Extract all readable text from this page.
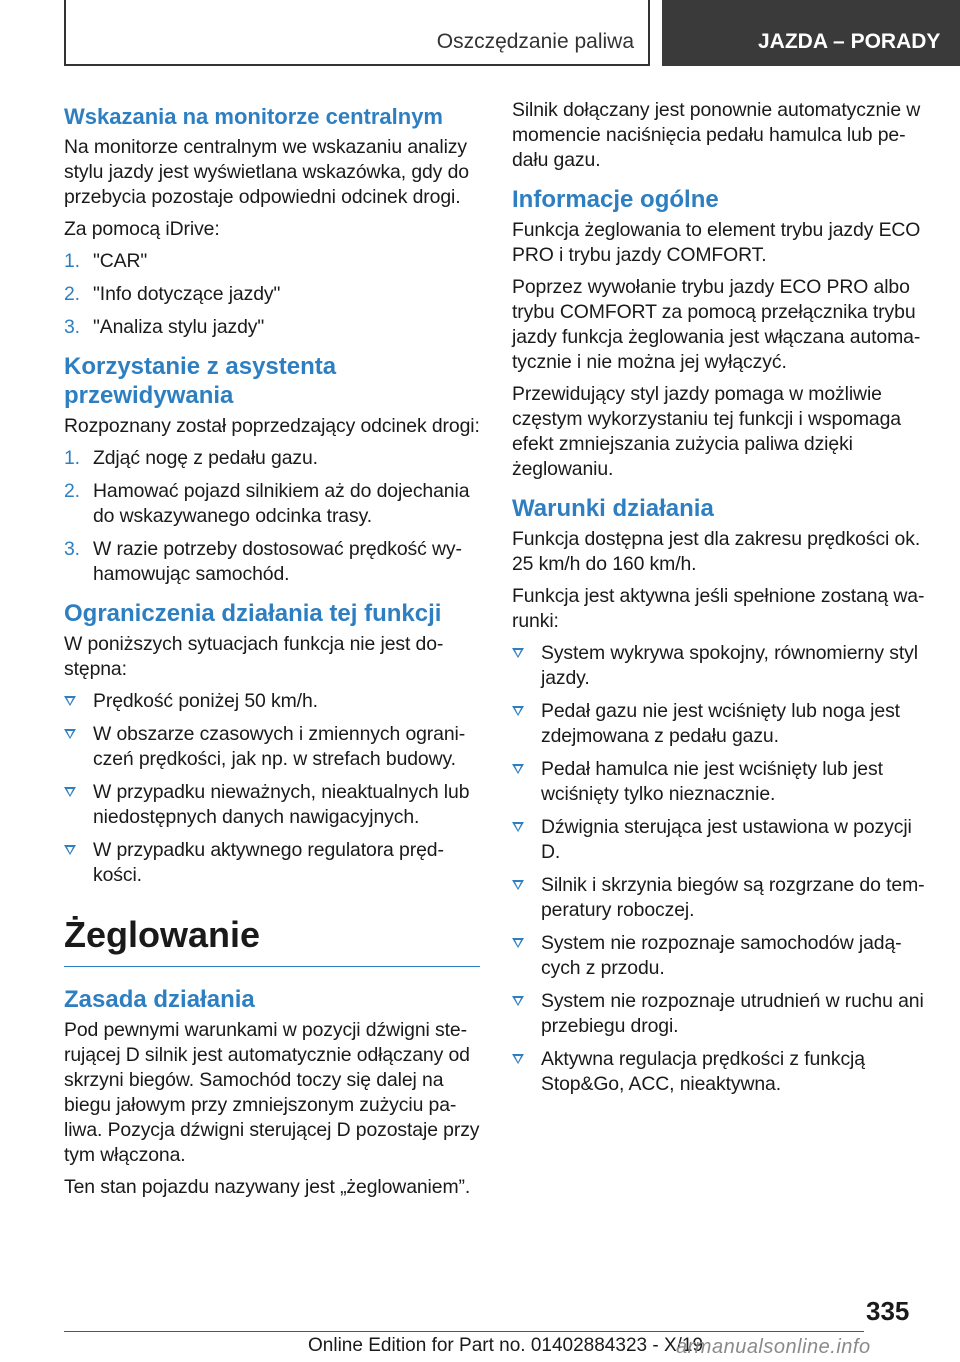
Oszczędzanie paliwa	JAZDA – PORADY
Wskazania na monitorze centralnym

Na monitorze centralnym we wskazaniu analizy stylu jazdy jest wyświetlana wskazówka, gdy do przebycia pozostaje odpowiedni odcinek drogi.

Za pomocą iDrive:

1. "CAR"
2. "Info dotyczące jazdy"
3. "Analiza stylu jazdy"
Korzystanie z asystenta przewidywania

Rozpoznany został poprzedzający odcinek drogi:

1. Zdjąć nogę z pedału gazu.
2. Hamować pojazd silnikiem aż do dojechania do wskazywanego odcinka trasy.
3. W razie potrzeby dostosować prędkość wyhamowując samochód.
Ograniczenia działania tej funkcji

W poniższych sytuacjach funkcja nie jest dostępna:

Prędkość poniżej 50 km/h.
W obszarze czasowych i zmiennych ograniczeń prędkości, jak np. w strefach budowy.
W przypadku nieważnych, nieaktualnych lub niedostępnych danych nawigacyjnych.
W przypadku aktywnego regulatora prędkości.
Żeglowanie
Zasada działania

Pod pewnymi warunkami w pozycji dźwigni sterującej D silnik jest automatycznie odłączany od skrzyni biegów. Samochód toczy się dalej na biegu jałowym przy zmniejszonym zużyciu paliwa. Pozycja dźwigni sterującej D pozostaje przy tym włączona.

Ten stan pojazdu nazywany jest „żeglowaniem”.

Silnik dołączany jest ponownie automatycznie w momencie naciśnięcia pedału hamulca lub pedału gazu.

Informacje ogólne

Funkcja żeglowania to element trybu jazdy ECO PRO i trybu jazdy COMFORT.

Poprzez wywołanie trybu jazdy ECO PRO albo trybu COMFORT za pomocą przełącznika trybu jazdy funkcja żeglowania jest włączana automatycznie i nie można jej wyłączyć.

Przewidujący styl jazdy pomaga w możliwie częstym wykorzystaniu tej funkcji i wspomaga efekt zmniejszania zużycia paliwa dzięki żeglowaniu.

Warunki działania

Funkcja dostępna jest dla zakresu prędkości ok. 25 km/h do 160 km/h.

Funkcja jest aktywna jeśli spełnione zostaną warunki:

System wykrywa spokojny, równomierny styl jazdy.
Pedał gazu nie jest wciśnięty lub noga jest zdejmowana z pedału gazu.
Pedał hamulca nie jest wciśnięty lub jest wciśnięty tylko nieznacznie.
Dźwignia sterująca jest ustawiona w pozycji D.
Silnik i skrzynia biegów są rozgrzane do temperatury roboczej.
System nie rozpoznaje samochodów jadących z przodu.
System nie rozpoznaje utrudnień w ruchu ani przebiegu drogi.
Aktywna regulacja prędkości z funkcją Stop&Go, ACC, nieaktywna.
335
Online Edition for Part no. 01402884323 - X/19
armanualsonline.info
